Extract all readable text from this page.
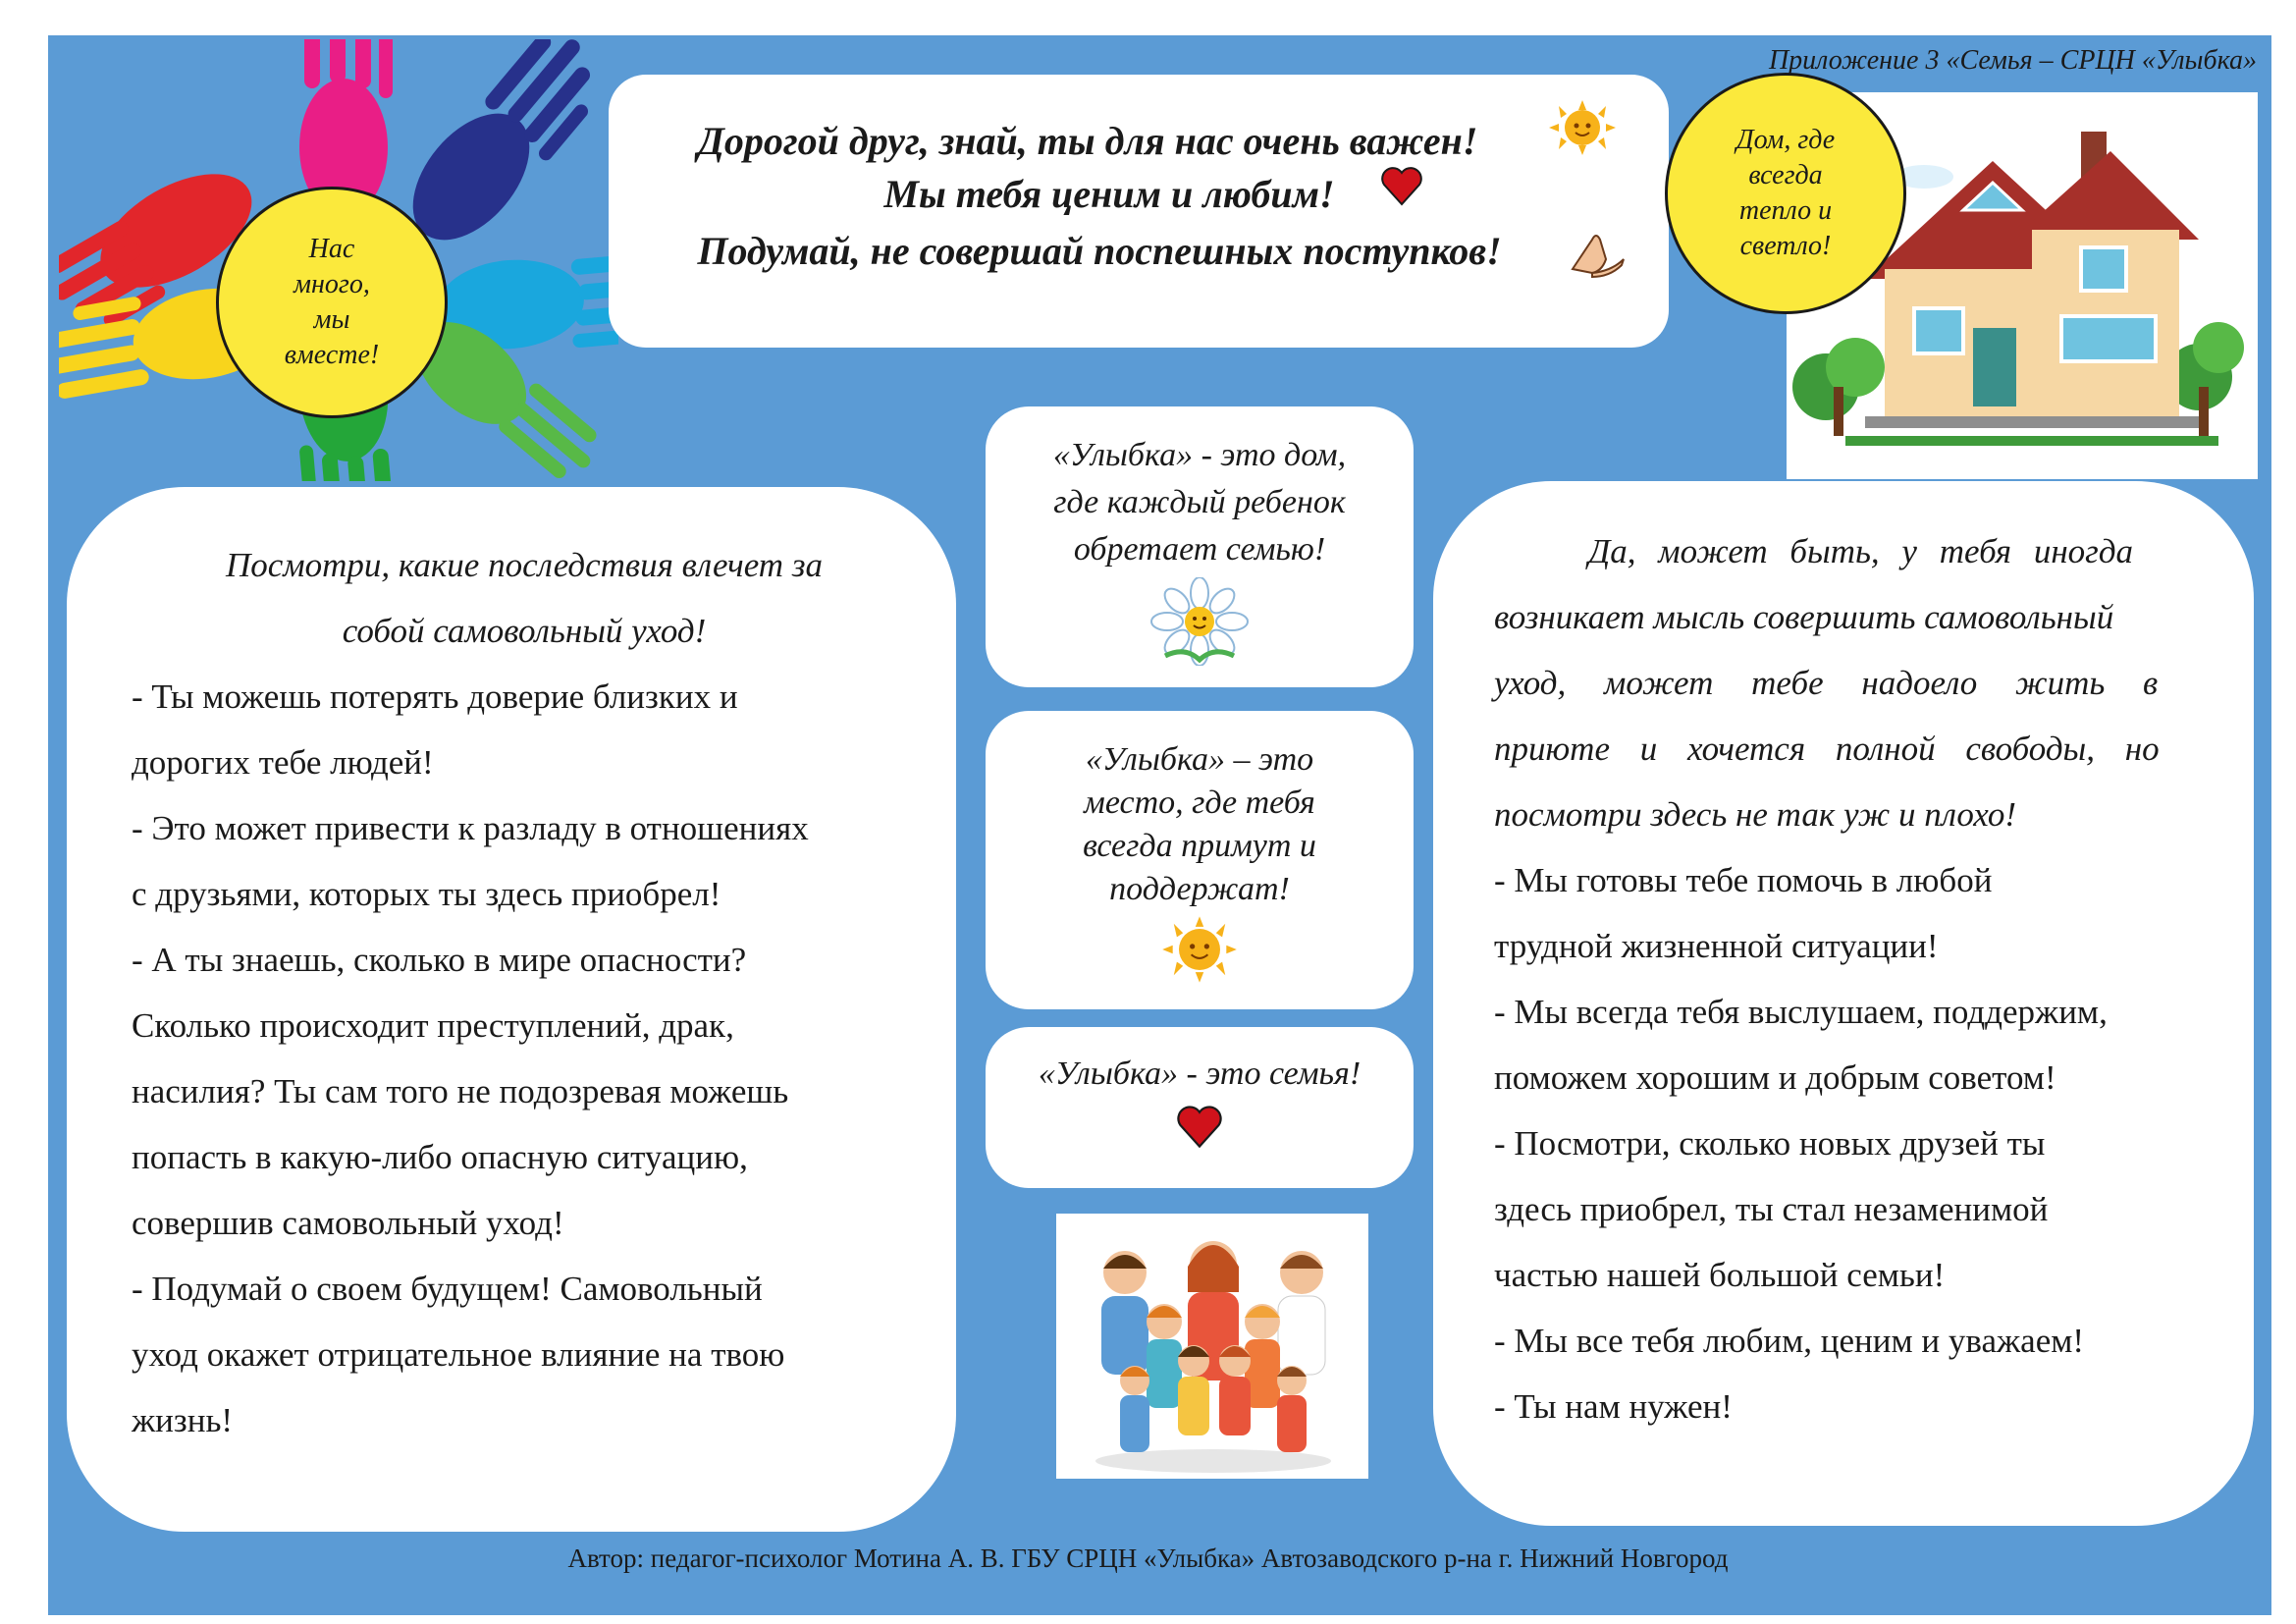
Приложение 3 «Семья – СРЦН «Улыбка»
Нас
много,
мы
вместе!
Дорогой друг, знай, ты для нас очень важен!
Мы тебя ценим и любим!
Подумай, не совершай поспешных поступков!
Дом, где
всегда
тепло и
светло!
Посмотри, какие последствия влечет за
собой самовольный уход!
- Ты можешь потерять доверие близких и
дорогих тебе людей!
- Это может привести к разладу в отношениях
с друзьями, которых ты здесь приобрел!
- А ты знаешь, сколько в мире опасности?
Сколько происходит преступлений, драк,
насилия? Ты сам того не подозревая можешь
попасть в какую-либо опасную ситуацию,
совершив самовольный уход!
- Подумай о своем будущем! Самовольный
уход окажет отрицательное влияние на твою
жизнь!
«Улыбка» - это дом,
где каждый ребенок
обретает семью!
«Улыбка» – это
место, где тебя
всегда примут и
поддержат!
«Улыбка» - это семья!
Да, может быть, у тебя иногда
возникает мысль совершить самовольный
уход, может тебе надоело жить в
приюте и хочется полной свободы, но
посмотри здесь не так уж и плохо!
- Мы готовы тебе помочь в любой
трудной жизненной ситуации!
- Мы всегда тебя выслушаем, поддержим,
поможем хорошим и добрым советом!
- Посмотри, сколько новых друзей ты
здесь приобрел, ты стал незаменимой
частью нашей большой семьи!
- Мы все тебя любим, ценим и уважаем!
- Ты нам нужен!
Автор: педагог-психолог Мотина А. В. ГБУ СРЦН «Улыбка» Автозаводского р-на г. Нижний Новгород
